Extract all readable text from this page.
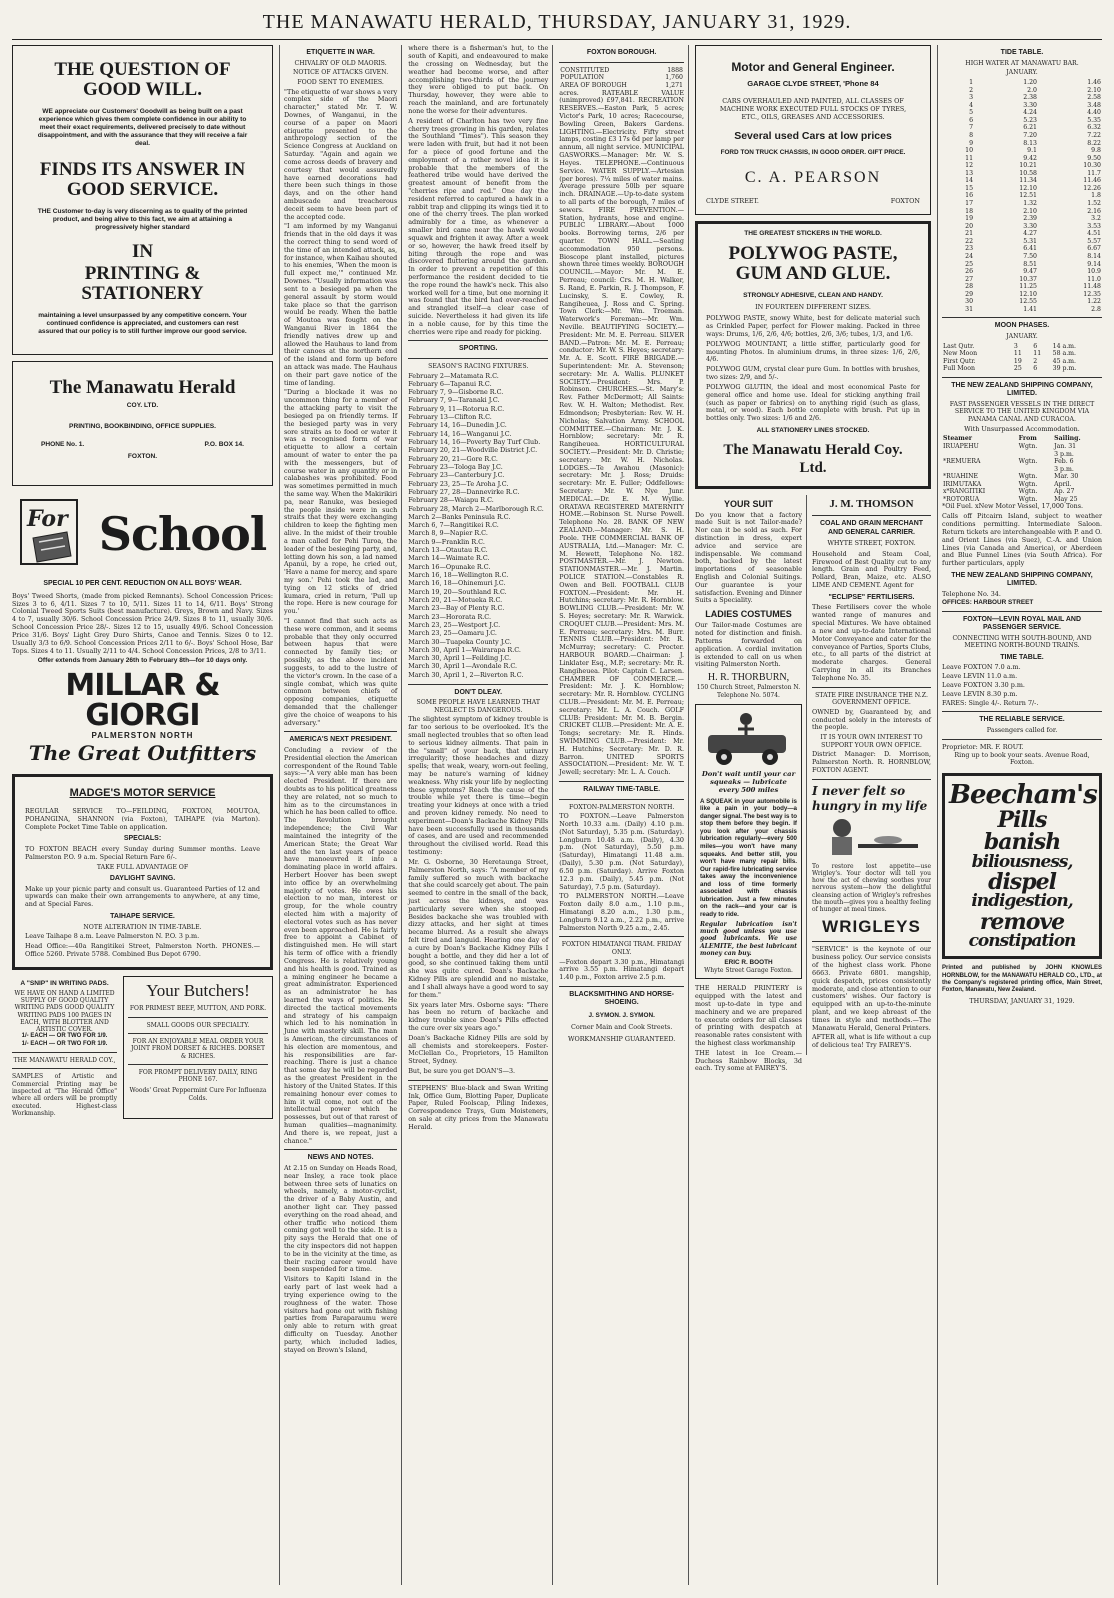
THE MANAWATU HERALD, THURSDAY, JANUARY 31, 1929.
THE QUESTION OF GOOD WILL.

WE appreciate our Customers' Goodwill as being built on a past experience which gives them complete confidence in our ability to meet their exact requirements, delivered precisely to date without disappointment, and with the assurance that they will receive a fair deal.

FINDS ITS ANSWER IN GOOD SERVICE.

THE Customer to-day is very discerning as to quality of the printed product, and being alive to this fact, we aim at attaining a progressively higher standard

IN
PRINTING & STATIONERY

maintaining a level unsurpassed by any competitive concern. Your continued confidence is appreciated, and customers can rest assured that our policy is to still further improve our good service.

The Manawatu Herald
COY. LTD.
PRINTING, BOOKBINDING, OFFICE SUPPLIES.
PHONE No. 1.	P.O. BOX 14.
FOXTON.
For School
SPECIAL 10 PER CENT. REDUCTION ON ALL BOYS' WEAR.

Boys' Tweed Shorts, (made from picked Remnants). School Concession Prices: Sizes 3 to 6, 4/11. Sizes 7 to 10, 5/11. Sizes 11 to 14, 6/11. Boys' Strong Colonial Tweed Sports Suits (best manufacture). Greys, Brown and Navy. Sizes 4 to 7, usually 30/6. School Concession Price 24/9. Sizes 8 to 11, usually 30/6. School Concession Price 28/-. Sizes 12 to 15, usually 49/6. School Concession Price 31/6. Boys' Light Grey Duro Shirts, Canoe and Tennis. Sizes 0 to 12. Usually 3/3 to 6/9. School Concession Prices 2/11 to 6/-. Boys' School Hose, Bar Tops. Sizes 4 to 11. Usually 2/11 to 4/4. School Concession Prices, 2/8 to 3/11.

Offer extends from January 26th to February 8th—for 10 days only.
MILLAR & GIORGI
PALMERSTON NORTH
The Great Outfitters
MADGE'S MOTOR SERVICE

REGULAR SERVICE TO—FEILDING, FOXTON, MOUTOA, POHANGINA, SHANNON (via Foxton), TAIHAPE (via Marton). Complete Pocket Time Table on application.

SPECIALS:

TO FOXTON BEACH every Sunday during Summer months. Leave Palmerston P.O. 9 a.m. Special Return Fare 6/-.

TAKE FULL ADVANTAGE OF
DAYLIGHT SAVING.

Make up your picnic party and consult us. Guaranteed Parties of 12 and upwards can make their own arrangements to anywhere, at any time, and at Special Fares.

TAIHAPE SERVICE.
NOTE ALTERATION IN TIME-TABLE.

Leave Taihape 8 a.m. Leave Palmerston N. P.O. 3 p.m.

Head Office:—40a Rangitikei Street, Palmerston North. PHONES.—Office 5260. Private 5788. Combined Bus Depot 6790.

A "SNIP" IN WRITING PADS.
WE HAVE ON HAND A LIMITED SUPPLY OF GOOD QUALITY WRITING PADS GOOD QUALITY WRITING PADS 100 PAGES IN EACH, WITH BLOTTER AND ARTISTIC COVER.
1/- EACH — OR TWO FOR 1/9.
1/- EACH — OR TWO FOR 1/9.
THE MANAWATU HERALD COY.,

SAMPLES of Artistic and Commercial Printing may be inspected at "The Herald Office" where all orders will be promptly executed. Highest-class Workmanship.

Your Butchers!
FOR PRIMEST BEEF, MUTTON, AND PORK.
SMALL GOODS OUR SPECIALTY.
FOR AN ENJOYABLE MEAL ORDER YOUR JOINT FROM DORSET & RICHES. DORSET & RICHES.
FOR PROMPT DELIVERY DAILY, RING PHONE 167.
Woods' Great Peppermint Cure For Influenza Colds.
ETIQUETTE IN WAR.
CHIVALRY OF OLD MAORIS.
NOTICE OF ATTACKS GIVEN.
FOOD SENT TO ENEMIES.

"The etiquette of war shows a very complex side of the Maori character," stated Mr. T. W. Downes, of Wanganui, in the course of a paper on Maori etiquette presented to the anthropology section of the Science Congress at Auckland on Saturday. "Again and again we come across deeds of bravery and courtesy that would assuredly have earned decorations had there been such things in those days, and on the other hand ambuscade and treacherous deceit seem to have been part of the accepted code.

"I am informed by my Wanganui friends that in the old days it was the correct thing to send word of the time of an intended attack, as, for instance, when Kaihau shouted to his enemies, 'When the moon is full expect me,'" continued Mr. Downes. "Usually information was sent to a besieged pa when the general assault by storm would take place so that the garrison would be ready. When the battle of Moutoa was fought on the Wanganui River in 1864 the friendly natives drew up and allowed the Hauhaus to land from their canoes at the northern end of the island and form up before an attack was made. The Hauhaus on their part gave notice of the time of landing.

"During a blockade it was no uncommon thing for a member of the attacking party to visit the besieged pa on friendly terms. If the besieged party was in very sore straits as to food or water it was a recognised form of war etiquette to allow a certain amount of water to enter the pa with the messengers, but of course water in any quantity or in calabashes was prohibited. Food was sometimes permitted in much the same way. When the Makirikiri pa, near Ranuke, was besieged the people inside were in such straits that they were exchanging children to keep the fighting men alive. In the midst of their trouble a man called for Pehi Turoa, the leader of the besieging party, and, letting down his son, a lad named Apanui, by a rope, he cried out, 'Have a name for mercy, and spare my son.' Pehi took the lad, and tying on 12 sticks of dried kumara, cried in return, 'Pull up the rope. Here is new courage for you.'

"I cannot find that such acts as these were common, and it seems probable that they only occurred between hapus that were connected by family ties; or possibly, as the above incident suggests, to add to the lustre of the victor's crown. In the case of a single combat, which was quite common between chiefs of opposing companies, etiquette demanded that the challenger give the choice of weapons to his adversary."

AMERICA'S NEXT PRESIDENT.

Concluding a review of the Presidential election the American correspondent of the Round Table says:—"A very able man has been elected President. If there are doubts as to his political greatness they are related, not so much to him as to the circumstances in which he has been called to office. The Revolution brought independence; the Civil War maintained the integrity of the American State; the Great War and the ten last years of peace have manoeuvred it into a dominating place in world affairs. Herbert Hoover has been swept into office by an overwhelming majority of votes. He owes his election to no man, interest or group, for the whole country elected him with a majority of electoral votes such as has never even been approached. He is fairly free to appoint a Cabinet of distinguished men. He will start his term of office with a friendly Congress. He is relatively young and his health is good. Trained as a mining engineer he became a great administrator. Experienced as an administrator he has learned the ways of politics. He directed the tactical movements and strategy of his campaign which led to his nomination in June with masterly skill. The man is American, the circumstances of his election are momentous, and his responsibilities are far-reaching. There is just a chance that some day he will be regarded as the greatest President in the history of the United States. If this remaining honour ever comes to him it will come, not out of the intellectual power which he possesses, but out of that rarest of human qualities—magnanimity. And there is, we repeat, just a chance."

NEWS AND NOTES.

At 2.15 on Sunday on Heads Road, near Insley, a race took place between three sets of lunatics on wheels, namely, a motor-cyclist, the driver of a Baby Austin, and another light car. They passed everything on the road ahead, and other traffic who noticed them coming got well to the side. It is a pity says the Herald that one of the city inspectors did not happen to be in the vicinity at the time, as their racing career would have been suspended for a time.

Visitors to Kapiti Island in the early part of last week had a trying experience owing to the roughness of the water. Those visitors had gone out with fishing parties from Paraparaumu were only able to return with great difficulty on Tuesday. Another party, which included ladies, stayed on Brown's Island,

where there is a fisherman's hut, to the south of Kapiti, and endeavoured to make the crossing on Wednesday, but the weather had become worse, and after accomplishing two-thirds of the journey they were obliged to put back. On Thursday, however, they were able to reach the mainland, and are fortunately none the worse for their adventures.

A resident of Charlton has two very fine cherry trees growing in his garden, relates the Southland "Times"). This season they were laden with fruit, but had it not been for a piece of good fortune and the employment of a rather novel idea it is probable that the members of the feathered tribe would have derived the greatest amount of benefit from the "cherries ripe and red." One day the resident referred to captured a hawk in a rabbit trap and clipping its wings tied it to one of the cherry trees. The plan worked admirably for a time, as whenever a smaller bird came near the hawk would squawk and frighten it away. After a week or so, however, the hawk freed itself by biting through the rope and was discovered fluttering around the garden. In order to prevent a repetition of this performance the resident decided to tie the rope round the hawk's neck. This also worked well for a time, but one morning it was found that the bird had over-reached and strangled itself—a clear case of suicide. Nevertheless it had given its life in a noble cause, for by this time the cherries were ripe and ready for picking.

SPORTING.
SEASON'S RACING FIXTURES.
February 2—Matamata R.C.
February 6—Tapanui R.C.
February 7, 9—Gisborne R.C.
February 7, 9—Taranaki J.C.
February 9, 11—Rotorua R.C.
February 13—Clifton R.C.
February 14, 16—Dunedin J.C.
February 14, 16—Wanganui J.C.
February 14, 16—Poverty Bay Turf Club.
February 20, 21—Woodville District J.C.
February 20, 21—Gore R.C.
February 23—Tologa Bay J.C.
February 23—Canterbury J.C.
February 23, 25—Te Aroha J.C.
February 27, 28—Dannevirke R.C.
February 28—Waiapu R.C.
February 28, March 2—Marlborough R.C.
March 2—Banks Peninsula R.C.
March 6, 7—Rangitikei R.C.
March 8, 9—Napier R.C.
March 9—Franklin R.C.
March 13—Otautau R.C.
March 14—Waimate R.C.
March 16—Opunake R.C.
March 16, 18—Wellington R.C.
March 16, 18—Ohinemuri J.C.
March 19, 20—Southland R.C.
March 20, 21—Motueka R.C.
March 23—Bay of Plenty R.C.
March 23—Hororata R.C.
March 23, 25—Westport J.C.
March 23, 25—Oamaru J.C.
March 30—Tuapeka County J.C.
March 30, April 1—Wairarapa R.C.
March 30, April 1—Feilding J.C.
March 30, April 1—Avondale R.C.
March 30, April 1, 2—Riverton R.C.
DON'T DLEAY.
SOME PEOPLE HAVE LEARNED THAT NEGLECT IS DANGEROUS.

The slightest symptom of kidney trouble is far too serious to be overlooked. It's the small neglected troubles that so often lead to serious kidney ailments. That pain in the "small" of your back, that urinary irregularity; those headaches and dizzy spells; that weak, weary, worn-out feeling, may be nature's warning of kidney weakness. Why risk your life by neglecting these symptoms? Reach the cause of the trouble while yet there is time—begin treating your kidneys at once with a tried and proven kidney remedy. No need to experiment—Doan's Backache Kidney Pills have been successfully used in thousands of cases, and are used and recommended throughout the civilised world. Read this testimony:

Mr. G. Osborne, 30 Heretaunga Street, Palmerston North, says: "A member of my family suffered so much with backache that she could scarcely get about. The pain seemed to centre in the small of the back, just across the kidneys, and was particularly severe when she stooped. Besides backache she was troubled with dizzy attacks, and her sight at times became blurred. As a result she always felt tired and languid. Hearing one day of a cure by Doan's Backache Kidney Pills I bought a bottle, and they did her a lot of good, so she continued taking them until she was quite cured. Doan's Backache Kidney Pills are splendid and no mistake, and I shall always have a good word to say for them."

Six years later Mrs. Osborne says: "There has been no return of backache and kidney trouble since Doan's Pills effected the cure over six years ago."

Doan's Backache Kidney Pills are sold by all chemists and storekeepers. Foster-McClellan Co., Proprietors, 15 Hamilton Street, Sydney.

But, be sure you get DOAN'S—3.

STEPHENS' Blue-black and Swan Writing Ink, Office Gum, Blotting Paper, Duplicate Paper, Ruled Foolscap, Piling Indexes, Correspondence Trays, Gum Moisteners, on sale at city prices from the Manawatu Herald.

FOXTON BOROUGH.
CONSTITUTED	1888
POPULATION	1,760
AREA OF BOROUGH	1,271

acres. RATEABLE VALUE (unimproved) £97,841. RECREATION RESERVES.—Easton Park, 5 acres; Victor's Park, 10 acres; Racecourse, Bowling Green, Bakers Gardens. LIGHTING.—Electricity. Fifty street lamps, costing £3 17s 6d per lamp per annum, all night service. MUNICIPAL GASWORKS.—Manager: Mr. W. S. Heyes. TELEPHONE.—Continuous Service. WATER SUPPLY.—Artesian (per bores). 7¼ miles of water mains. Average pressure 50lb per square inch. DRAINAGE.—Up-to-date system to all parts of the borough, 7 miles of sewers. FIRE PREVENTION.—Station, hydrants, hose and engine. PUBLIC LIBRARY.—About 1000 books. Borrowing terms, 2/6 per quarter. TOWN HALL.—Seating accommodation 950 persons. Bioscope plant installed, pictures shown three times weekly. BOROUGH COUNCIL.—Mayor: Mr. M. E. Perreau; council: Crs. M. H. Walker, S. Rand, E. Parkin, R. J. Thompson, F. Lucinsky, S. E. Cowley, R. Rangiheuea, J. Ross and C. Spring. Town Clerk:—Mr. Wm. Troeman. Waterwork's Foreman:—Mr. Wm. Neville. BEAUTIFYING SOCIETY.—President: Mr. M. E. Perreau. SILVER BAND.—Patron: Mr. M. E. Perreau; conductor: Mr. W. S. Heyes; secretary: Mr. A. E. Scott. FIRE BRIGADE.—Superintendent: Mr. A. Stevenson; secretary: Mr. A. Wallis. PLUNKET SOCIETY.—President: Mrs. P. Robinson. CHURCHES.—St. Mary's: Rev. Father McDermott; All Saints: Rev. W. H. Walton; Methodist. Rev. Edmondson; Presbyterian: Rev. W. H. Nicholas; Salvation Army. SCHOOL COMMITTEE.—Chairman: Mr. J. K. Hornblow; secretary: Mr. R. Rangiheuea. HORTICULTURAL SOCIETY.—President: Mr. D. Christie; secretary: Mr. W. H. Nicholas. LODGES.—Te Awahou (Masonic): secretary: Mr. J. Ross; Druids: secretary: Mr. E. Fuller; Oddfellows: Secretary: Mr. W. Nye Junr. MEDICAL.—Dr. E. M. Wyllie. ORATAVA REGISTERED MATERNITY HOME.—Robinson St. Nurse Powell. Telephone No. 28. BANK OF NEW ZEALAND.—Manager: Mr. S. H. Poole. THE COMMERCIAL BANK OF AUSTRALIA, Ltd.—Manager: Mr. C. M. Hewett, Telephone No. 182. POSTMASTER.—Mr. J. Newton. STATIONMASTER.—Mr. J. Martin. POLICE STATION.—Constables R. Owen and Bell. FOOTBALL CLUB FOXTON.—President: Mr. H. Hutchins; secretary: Mr. R. Hornblow. BOWLING CLUB.—President: Mr. W. S. Heyes; secretary: Mr. R. Warwick. CROQUET CLUB.—President: Mrs. M. E. Perreau; secretary: Mrs. M. Burr. TENNIS CLUB.—President: Mr. R. McMurray; secretary: C. Procter. HARBOUR BOARD.—Chairman: J. Linklater Esq., M.P.; secretary: Mr. R. Rangiheuea. Pilot: Captain C. Larsen. CHAMBER OF COMMERCE.—President: Mr. J. K. Hornblow; secretary: Mr. R. Hornblow. CYCLING CLUB.—President: Mr. M. E. Perreau; secretary: Mr. L. A. Couch. GOLF CLUB: President: Mr. M. B. Bergin. CRICKET CLUB.—President: Mr. A. E. Tongs; secretary: Mr. R. Hinds. SWIMMING CLUB.—President: Mr. H. Hutchins; Secretary: Mr. D. R. Barron. UNITED SPORTS ASSOCIATION.—President: Mr. W. T. Jewell; secretary: Mr. L. A. Couch.

RAILWAY TIME-TABLE.
FOXTON-PALMERSTON NORTH.

TO FOXTON.—Leave Palmerston North 10.33 a.m. (Daily) 4.10 p.m. (Not Saturday), 5.35 p.m. (Saturday). Longburn 10.48 a.m. (Daily), 4.30 p.m. (Not Saturday), 5.50 p.m. (Saturday), Himatangi 11.48 a.m. (Daily), 5.30 p.m. (Not Saturday), 6.50 p.m. (Saturday). Arrive Foxton 12.3 p.m. (Daily), 5.45 p.m. (Not Saturday), 7.5 p.m. (Saturday).

TO PALMERSTON NORTH.—Leave Foxton daily 8.0 a.m., 1.10 p.m., Himatangi 8.20 a.m., 1.30 p.m., Longburn 9.12 a.m., 2.22 p.m., arrive Palmerston North 9.25 a.m., 2.45.

FOXTON HIMATANGI TRAM. FRIDAY ONLY.

—Foxton depart 3.30 p.m., Himatangi arrive 3.55 p.m. Himatangi depart 1.40 p.m., Foxton arrive 2.5 p.m.

BLACKSMITHING AND HORSE-SHOEING.
J. SYMON. J. SYMON.
Corner Main and Cook Streets.
WORKMANSHIP GUARANTEED.
Motor and General Engineer.
GARAGE CLYDE STREET, 'Phone 84
CARS OVERHAULED AND PAINTED, ALL CLASSES OF MACHINE WORK EXECUTED FULL STOCKS OF TYRES, ETC., OILS, GREASES AND ACCESSORIES.
Several used Cars at low prices
FORD TON TRUCK CHASSIS, IN GOOD ORDER. GIFT PRICE.
C. A. PEARSON
CLYDE STREET.	FOXTON
THE GREATEST STICKERS IN THE WORLD.
POLYWOG PASTE, GUM AND GLUE.
STRONGLY ADHESIVE, CLEAN AND HANDY.
IN FOURTEEN DIFFERENT SIZES.

POLYWOG PASTE, snowy White, best for delicate material such as Crinkled Paper, perfect for Flower making. Packed in three ways: Drums, 1/6, 2/6, 4/6; bottles, 2/6, 3/6; tubes, 1/3, and 1/6.

POLYWOG MOUNTANT, a little stiffer, particularly good for mounting Photos. In aluminium drums, in three sizes: 1/6, 2/6, 4/6.

POLYWOG GUM, crystal clear pure Gum. In bottles with brushes, two sizes: 2/9, and 5/-.

POLYWOG GLUTIN, the ideal and most economical Paste for general office and home use. Ideal for sticking anything frail (such as paper or fabrics) on to anything rigid (such as glass, metal, or wood). Each bottle complete with brush. Put up in bottles only. Two sizes: 1/6 and 2/6.

ALL STATIONERY LINES STOCKED.
The Manawatu Herald Coy. Ltd.
YOUR SUIT

Do you know that a factory made Suit is not Tailor-made? Nor can it be sold as such. For distinction in dress, expert advice and service are indispensable. We command both, backed by the latest importations of seasonable English and Colonial Suitings. Our guarantee is your satisfaction. Evening and Dinner Suits a Speciality.

LADIES COSTUMES

Our Tailor-made Costumes are noted for distinction and finish. Patterns forwarded on application. A cordial invitation is extended to call on us when visiting Palmerston North.

H. R. THORBURN,
150 Church Street, Palmerston N. Telephone No. 5074.
Don't wait until your car squeaks — lubricate every 500 miles

A SQUEAK in your automobile is like a pain in your body—a danger signal. The best way is to stop them before they begin. If you look after your chassis lubrication regularly—every 500 miles—you won't have many squeaks. And better still, you won't have many repair bills. Our rapid-fire lubricating service takes away the inconvenience and loss of time formerly associated with chassis lubrication. Just a few minutes on the rack—and your car is ready to ride.

Regular lubrication isn't much good unless you use good lubricants. We use ALEMITE, the best lubricant money can buy.

ERIC R. BOOTH
Whyte Street Garage Foxton.

THE HERALD PRINTERY is equipped with the latest and most up-to-date in type and machinery and we are prepared to execute orders for all classes of printing with despatch at reasonable rates consistent with the highest class workmanship

THE latest in Ice Cream.—Duchess Rainbow Blocks, 3d each. Try some at FAIREY'S.

J. M. THOMSON
COAL AND GRAIN MERCHANT AND GENERAL CARRIER.
WHYTE STREET, FOXTON.

Household and Steam Coal, Firewood of Best Quality cut to any length. Grain and Poultry Feed, Pollard, Bran, Maize, etc. ALSO LIME AND CEMENT. Agent for

"ECLIPSE" FERTILISERS.

These Fertilisers cover the whole wanted range of manures and special Mixtures. We have obtained a new and up-to-date International Motor Conveyance and cater for the conveyance of Parties, Sports Clubs, etc., to all parts of the district at moderate charges. General Carrying in all its Branches Telephone No. 35.

STATE FIRE INSURANCE THE N.Z. GOVERNMENT OFFICE.

OWNED by, Guaranteed by, and conducted solely in the interests of the people.

IT IS YOUR OWN INTEREST TO SUPPORT YOUR OWN OFFICE.

District Manager: D. Morrison, Palmerston North. R. HORNBLOW, FOXTON AGENT.

I never felt so hungry in my life

To restore lost appetite—use Wrigley's. Your doctor will tell you how the act of chewing soothes your nervous system—how the delightful cleansing action of Wrigley's refreshes the mouth—gives you a healthy feeling of hunger at meal times.

WRIGLEYS

"SERVICE" is the keynote of our business policy. Our service consists of the highest class work. Phone 6663. Private 6801. mangship, quick despatch, prices consistently moderate, and close attention to our customers' wishes. Our factory is equipped with an up-to-the-minute plant, and we keep abreast of the times in style and methods.—The Manawatu Herald, General Printers.

AFTER all, what is life without a cup of delicious tea! Try FAIREY'S.

TIDE TABLE.
HIGH WATER AT MANAWATU BAR.
JANUARY.
1	1.20	1.46
2	2.0	2.10
3	2.38	2.58
4	3.30	3.48
5	4.24	4.40
6	5.23	5.35
7	6.21	6.32
8	7.20	7.22
9	8.13	8.22
10	9.1	9.8
11	9.42	9.50
12	10.21	10.30
13	10.58	11.7
14	11.34	11.46
15	12.10	12.26
16	12.51	1.8
17	1.32	1.52
18	2.10	2.16
19	2.39	3.2
20	3.30	3.53
21	4.27	4.51
22	5.31	5.57
23	6.41	6.67
24	7.50	8.14
25	8.51	9.14
26	9.47	10.9
27	10.37	11.0
28	11.25	11.48
29	12.10	12.35
30	12.55	1.22
31	1.41	2.8
MOON PHASES.
JANUARY.
Last Qutr.	3	6	14 a.m.
New Moon	11	11	58 a.m.
First Qutr.	19	2	45 a.m.
Full Moon	25	6	39 p.m.
THE NEW ZEALAND SHIPPING COMPANY, LIMITED.
FAST PASSENGER VESSELS IN THE DIRECT SERVICE TO THE UNITED KINGDOM VIA PANAMA CANAL AND CURACOA.
With Unsurpassed Accommodation.
Steamer	From	Sailing.
IRUAPEHU	Wgtn.	Jan. 31
		3 p.m.
*REMUERA	Wgtn.	Feb. 6
		3 p.m.
*RUAHINE	Wgtn.	Mar. 30
IRIMUTAKA	Wgtn.	April.
x*RANGITIKI	Wgtn.	Ap. 27
*ROTORUA	Wgtn.	May 25

*Oil Fuel. xNew Motor Vessel, 17,000 Tons.

Calls off Pitcairn Island, subject to weather conditions permitting. Intermediate Saloon. Return tickets are interchangeable with P. and O. and Orient Lines (via Suez), C.-A. and Union Lines (via Canada and America), or Aberdeen and Blue Funnel Lines (via South Africa). For further particulars, apply

THE NEW ZEALAND SHIPPING COMPANY, LIMITED.
Telephone No. 34.
OFFICES: HARBOUR STREET
FOXTON—LEVIN ROYAL MAIL AND PASSENGER SERVICE.
CONNECTING WITH SOUTH-BOUND, AND MEETING NORTH-BOUND TRAINS.
TIME TABLE.
Leave FOXTON 7.0 a.m.
Leave LEVIN 11.0 a.m.
Leave FOXTON 3.30 p.m.
Leave LEVIN 8.30 p.m.
FARES: Single 4/-. Return 7/-.
THE RELIABLE SERVICE.
Passengers called for.
Proprietor: MR. F. ROUT.
Ring up to book your seats. Avenue Road, Foxton.
Beecham's
Pills
banish
biliousness,
dispel
indigestion,
remove
constipation

Printed and published by JOHN KNOWLES HORNBLOW, for the MANAWATU HERALD CO., LTD., at the Company's registered printing office, Main Street, Foxton, Manawatu, New Zealand.

THURSDAY, JANUARY 31, 1929.
